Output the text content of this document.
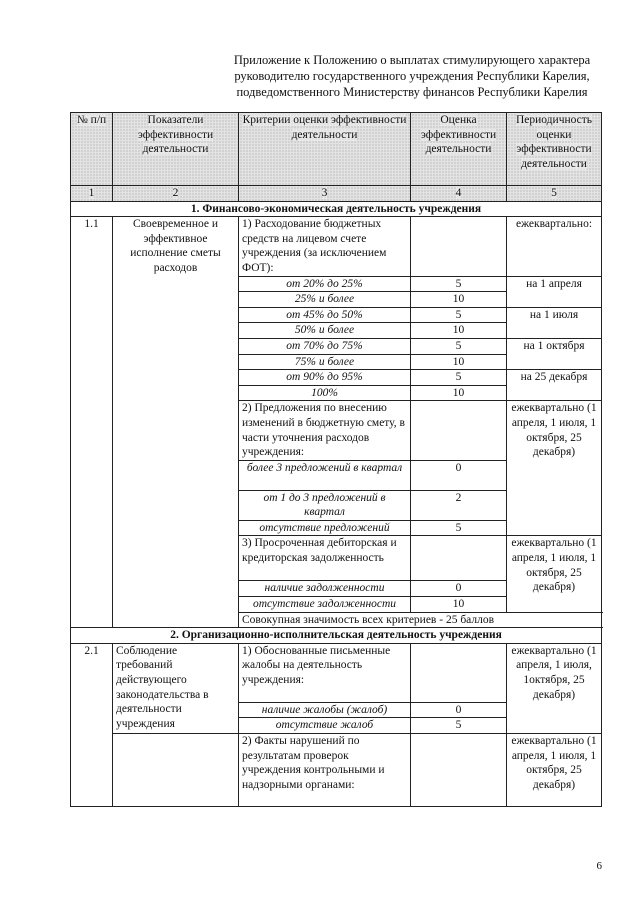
Приложение к Положению о выплатах стимулирующего характера
руководителю государственного учреждения Республики Карелия,
подведомственного Министерству финансов Республики Карелия
№ п/п	Показатели эффективности деятельности	Критерии оценки эффективности деятельности	Оценка эффективности деятельности	Периодичность оценки эффективности деятельности
1	2	3	4	5
1. Финансово-экономическая деятельность учреждения				
1.1	Своевременное и эффективное исполнение сметы расходов	1) Расходование бюджетных средств на лицевом счете учреждения (за исключением ФОТ):		ежеквартально:
		от 20% до 25%	5	на 1 апреля
		25% и более	10	
		от 45% до 50%	5	на 1 июля
		50% и более	10	
		от 70% до 75%	5	на 1 октября
		75% и более	10	
		от 90% до 95%	5	на 25 декабря
		100%	10	
		2) Предложения по внесению изменений в бюджетную смету, в части уточнения расходов учреждения:		ежеквартально (1 апреля, 1 июля, 1 октября, 25 декабря)
		более 3 предложений в квартал	0	
		от 1 до 3 предложений в квартал	2	
		отсутствие предложений	5	
		3) Просроченная дебиторская и кредиторская задолженность		ежеквартально (1 апреля, 1 июля, 1 октября, 25 декабря)
		наличие задолженности	0	
		отсутствие задолженности	10	
		Совокупная значимость всех критериев - 25 баллов		
2. Организационно-исполнительская деятельность учреждения				
2.1	Соблюдение требований действующего законодательства в деятельности учреждения	1) Обоснованные письменные жалобы на деятельность учреждения:		ежеквартально (1 апреля, 1 июля, 1октября, 25 декабря)
		наличие жалобы (жалоб)	0	
		отсутствие жалоб	5	
		2) Факты нарушений по результатам проверок учреждения контрольными и надзорными органами:		ежеквартально (1 апреля, 1 июля, 1 октября, 25 декабря)
6
